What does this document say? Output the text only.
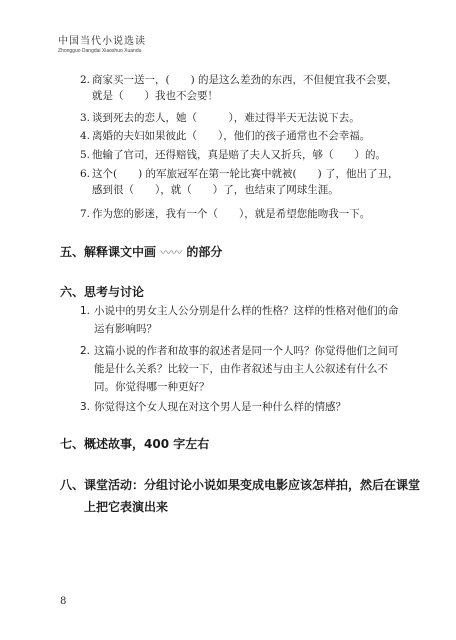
中国当代小说选读
Zhongguo Dangdai Xiaoshuo Xuandu
2. 商家买一送一，(　　) 的是这么差劲的东西，不但便宜我不会要，
就是（　　）我也不会要！
3. 谈到死去的恋人，她（　　　），难过得半天无法说下去。
4. 离婚的夫妇如果彼此（　　），他们的孩子通常也不会幸福。
5. 他输了官司，还得赔钱，真是赔了夫人又折兵，够（　　）的。
6. 这个(　　) 的军旅冠军在第一轮比赛中就被(　　) 了，他出了丑，
感到很（　　），就（　　）了，也结束了网球生涯。
7. 作为您的影迷，我有一个（　　），就是希望您能吻我一下。
五、解释课文中画 〰〰 的部分
六、思考与讨论
1. 小说中的男女主人公分别是什么样的性格？这样的性格对他们的命运有影响吗？
2. 这篇小说的作者和故事的叙述者是同一个人吗？你觉得他们之间可能是什么关系？比较一下，由作者叙述与由主人公叙述有什么不同。你觉得哪一种更好？
3. 你觉得这个女人现在对这个男人是一种什么样的情感？
七、概述故事，400 字左右
八、课堂活动：分组讨论小说如果变成电影应该怎样拍，然后在课堂
上把它表演出来
8
